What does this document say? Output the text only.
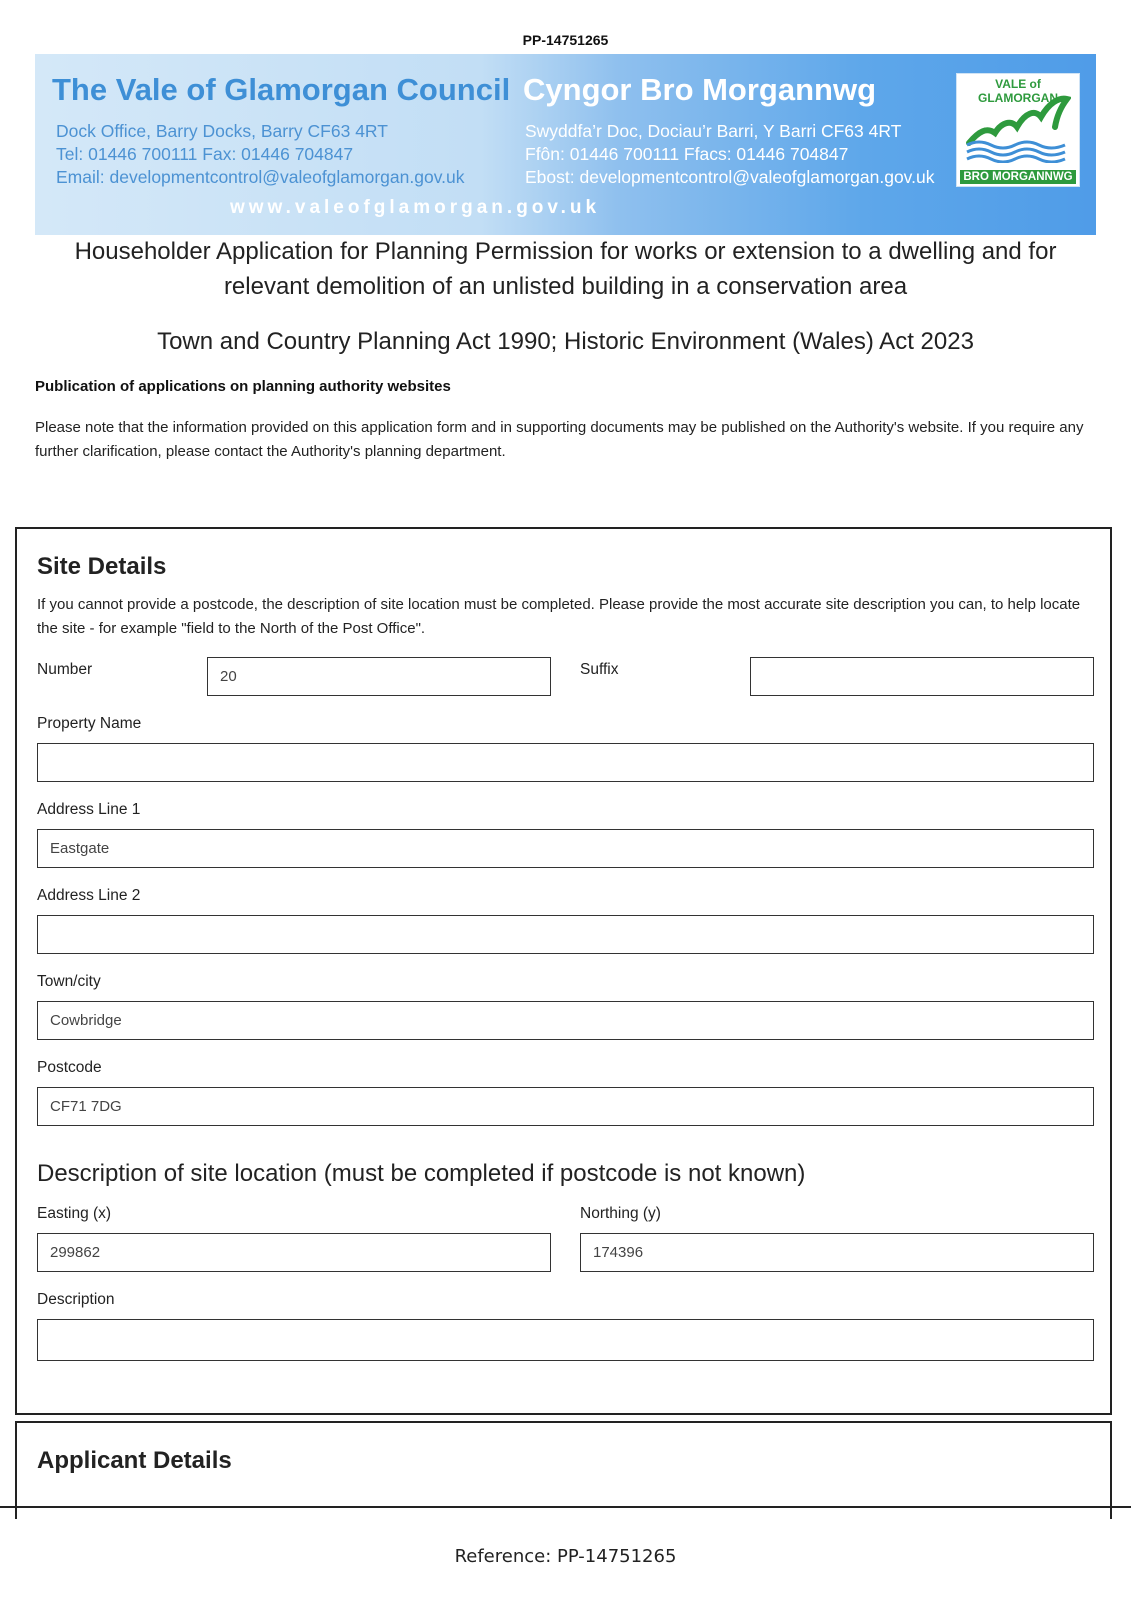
PP-14751265
The Vale of Glamorgan Council Cyngor Bro Morgannwg
Dock Office, Barry Docks, Barry CF63 4RT
Tel: 01446 700111 Fax: 01446 704847
Email: developmentcontrol@valeofglamorgan.gov.uk
Swyddfa’r Doc, Dociau’r Barri, Y Barri CF63 4RT
Ffôn: 01446 700111 Ffacs: 01446 704847
Ebost: developmentcontrol@valeofglamorgan.gov.uk
www.valeofglamorgan.gov.uk
VALE of GLAMORGAN
BRO MORGANNWG
Householder Application for Planning Permission for works or extension to a dwelling and for
relevant demolition of an unlisted building in a conservation area
Town and Country Planning Act 1990; Historic Environment (Wales) Act 2023
Publication of applications on planning authority websites
Please note that the information provided on this application form and in supporting documents may be published on the Authority's website. If you require any further clarification, please contact the Authority's planning department.
Site Details
If you cannot provide a postcode, the description of site location must be completed. Please provide the most accurate site description you can, to help locate the site - for example "field to the North of the Post Office".
Number	20	Suffix
Property Name
Address Line 1
Eastgate
Address Line 2
Town/city
Cowbridge
Postcode
CF71 7DG
Description of site location (must be completed if postcode is not known)
Easting (x)
299862
Northing (y)
174396
Description
Applicant Details
Reference: PP-14751265
